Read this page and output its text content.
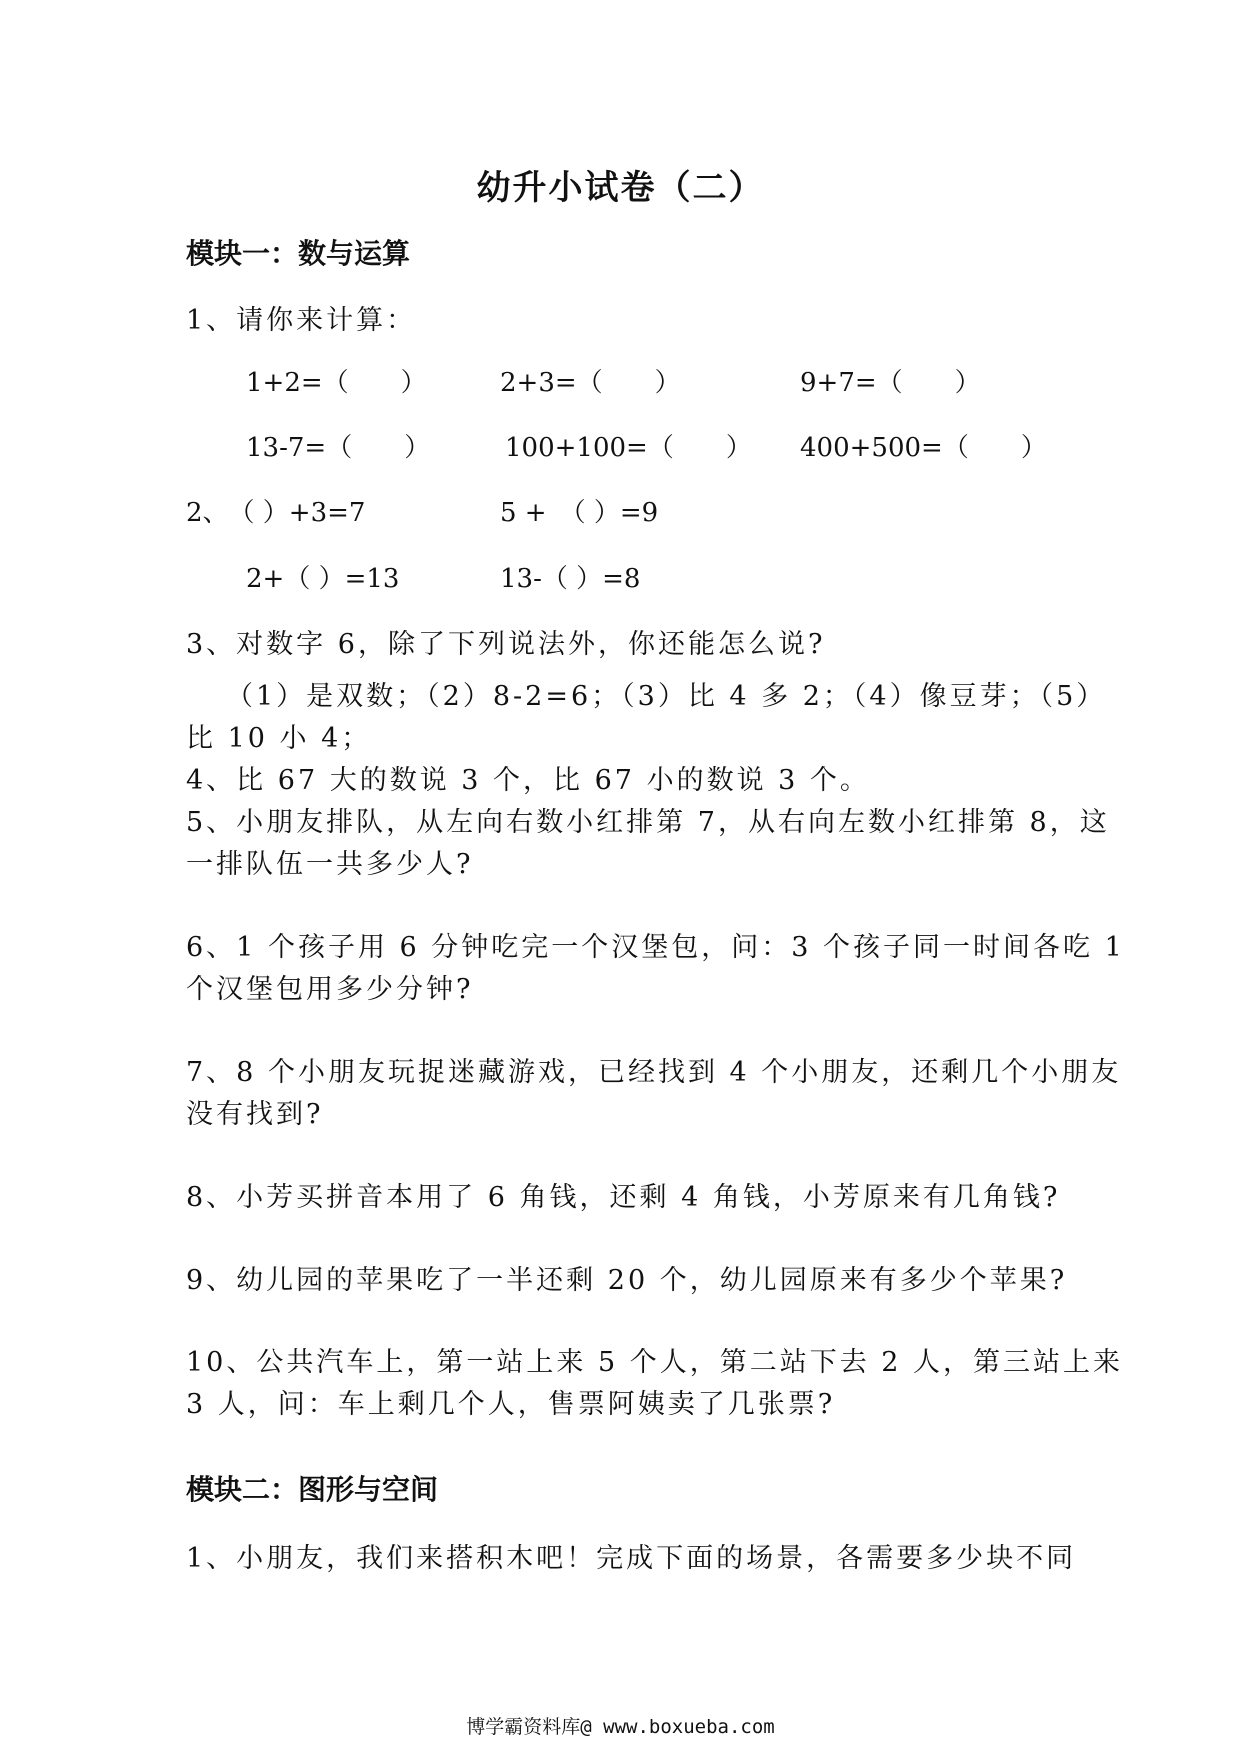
幼升小试卷（二）
模块一：数与运算
1、请你来计算：
1+2=（　　）	2+3=（　　）	9+7=（　　）
13-7=（　　）	100+100=（　　） 400+500=（　　）
2、　（ ）+3=7	5 +　（ ）=9
2+（ ）=13	13-（ ）=8
3、对数字 6，除了下列说法外，你还能怎么说?
（1）是双数；（2）8-2=6；（3）比 4 多 2；（4）像豆芽；（5）
比 10 小 4；
4、比 67 大的数说 3 个，比 67 小的数说 3 个。
5、小朋友排队，从左向右数小红排第 7，从右向左数小红排第 8，这
一排队伍一共多少人?
6、1 个孩子用 6 分钟吃完一个汉堡包，问：3 个孩子同一时间各吃 1
个汉堡包用多少分钟?
7、8 个小朋友玩捉迷藏游戏，已经找到 4 个小朋友，还剩几个小朋友
没有找到?
8、小芳买拼音本用了 6 角钱，还剩 4 角钱，小芳原来有几角钱?
9、幼儿园的苹果吃了一半还剩 20 个，幼儿园原来有多少个苹果?
10、公共汽车上，第一站上来 5 个人，第二站下去 2 人，第三站上来
3 人，问：车上剩几个人，售票阿姨卖了几张票?
模块二：图形与空间
1、小朋友，我们来搭积木吧！完成下面的场景，各需要多少块不同
博学霸资料库@ www.boxueba.com
